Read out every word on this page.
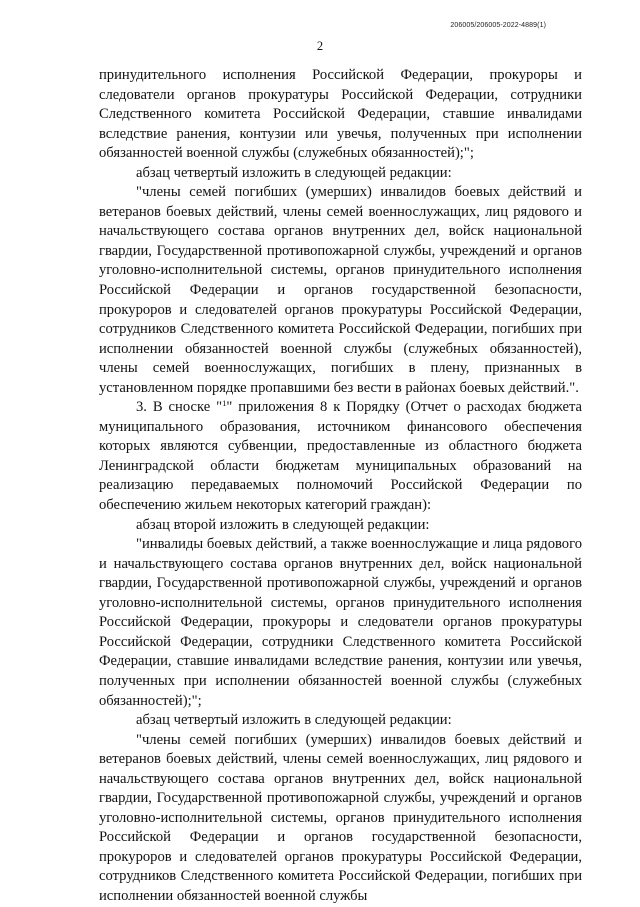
206005/206005-2022-4889(1)
2

принудительного исполнения Российской Федерации, прокуроры и следователи органов прокуратуры Российской Федерации, сотрудники Следственного комитета Российской Федерации, ставшие инвалидами вследствие ранения, контузии или увечья, полученных при исполнении обязанностей военной службы (служебных обязанностей);";

абзац четвертый изложить в следующей редакции:

"члены семей погибших (умерших) инвалидов боевых действий и ветеранов боевых действий, члены семей военнослужащих, лиц рядового и начальствующего состава органов внутренних дел, войск национальной гвардии, Государственной противопожарной службы, учреждений и органов уголовно-исполнительной системы, органов принудительного исполнения Российской Федерации и органов государственной безопасности, прокуроров и следователей органов прокуратуры Российской Федерации, сотрудников Следственного комитета Российской Федерации, погибших при исполнении обязанностей военной службы (служебных обязанностей), члены семей военнослужащих, погибших в плену, признанных в установленном порядке пропавшими без вести в районах боевых действий.".

3. В сноске "$^1$" приложения 8 к Порядку (Отчет о расходах бюджета муниципального образования, источником финансового обеспечения которых являются субвенции, предоставленные из областного бюджета Ленинградской области бюджетам муниципальных образований на реализацию передаваемых полномочий Российской Федерации по обеспечению жильем некоторых категорий граждан):

абзац второй изложить в следующей редакции:

"инвалиды боевых действий, а также военнослужащие и лица рядового и начальствующего состава органов внутренних дел, войск национальной гвардии, Государственной противопожарной службы, учреждений и органов уголовно-исполнительной системы, органов принудительного исполнения Российской Федерации, прокуроры и следователи органов прокуратуры Российской Федерации, сотрудники Следственного комитета Российской Федерации, ставшие инвалидами вследствие ранения, контузии или увечья, полученных при исполнении обязанностей военной службы (служебных обязанностей);";

абзац четвертый изложить в следующей редакции:

"члены семей погибших (умерших) инвалидов боевых действий и ветеранов боевых действий, члены семей военнослужащих, лиц рядового и начальствующего состава органов внутренних дел, войск национальной гвардии, Государственной противопожарной службы, учреждений и органов уголовно-исполнительной системы, органов принудительного исполнения Российской Федерации и органов государственной безопасности, прокуроров и следователей органов прокуратуры Российской Федерации, сотрудников Следственного комитета Российской Федерации, погибших при исполнении обязанностей военной службы
